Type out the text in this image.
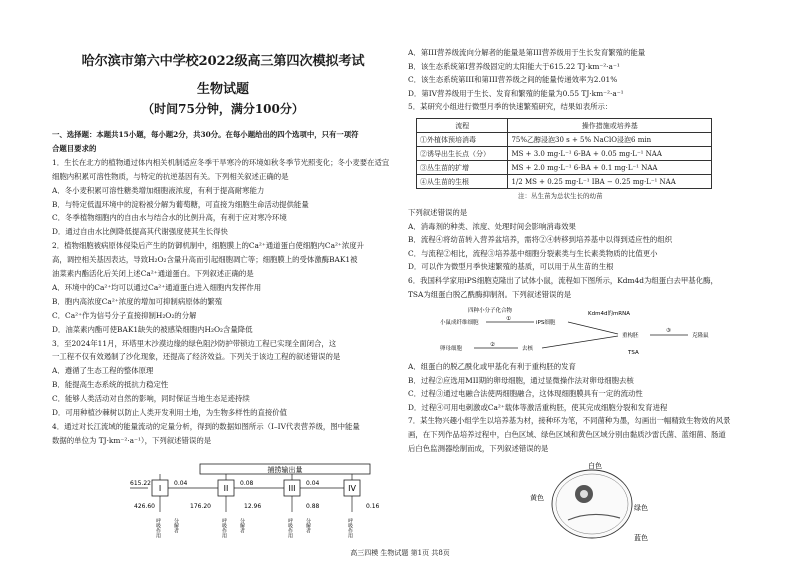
哈尔滨市第六中学校2022级高三第四次模拟考试
生物试题
（时间75分钟，满分100分）
一、选择题：本题共15小题，每小题2分，共30分。在每小题给出的四个选项中，只有一项符
合题目要求的
1．生长在北方的植物通过体内相关机制适应冬季干旱寒冷的环境如秋冬季节光照变化；冬小麦要在适宜
细胞内积累可溶性物质，与特定的抗逆基因有关。下列相关叙述正确的是
A．冬小麦积累可溶性糖类增加细胞液浓度，有利于提高耐寒能力
B．与特定低温环境中的淀粉被分解为葡萄糖，可直接为细胞生命活动提供能量
C．冬季植物细胞内的自由水与结合水的比例升高，有利于应对寒冷环境
D．通过自由水比例降低提高其代谢强度使其生长得快
2．植物细胞被病原体侵染后产生的防御机制中，细胞膜上的Ca²⁺通道蛋白使细胞内Ca²⁺浓度升
高，调控相关基因表达，导致H₂O₂含量升高而引起细胞凋亡等；细胞膜上的受体激酶BAK1被
油菜素内酯活化后关闭上述Ca²⁺通道蛋白。下列叙述正确的是
A．环境中的Ca²⁺均可以通过Ca²⁺通道蛋白进入细胞内发挥作用
B．胞内高浓度Ca²⁺浓度的增加可抑制病原体的繁殖
C．Ca²⁺作为信号分子直接抑制H₂O₂的分解
D．油菜素内酯可使BAK1缺失的被感染细胞内H₂O₂含量降低
3．至2024年11月，环塔里木沙漠边缘的绿色阻沙防护带锁边工程已实现全面闭合，这
一工程不仅有效遏制了沙化现象，还提高了经济效益。下列关于该边工程的叙述错误的是
A．遵循了生态工程的整体原理
B．能提高生态系统的抵抗力稳定性
C．能够人类活动对自然的影响，同时保证当地生态足迹持续
D．可用种植沙棘树以防止人类开发利用土地，为生物多样性的直接价值
4．通过对长江流域的能量流动的定量分析，得到的数据如图所示（I–IV代表营养级，图中能量
数据的单位为 TJ·km⁻²·a⁻¹），下列叙述错误的是
捕捞输出量
I	II	III	IV
615.22	0.04	0.08	0.04
426.60	176.20	12.96	0.88	0.16
呼吸作用 分解者	呼吸作用 分解者	呼吸作用 分解者	呼吸作用
A．第III营养级流向分解者的能量是第III营养级用于生长发育繁殖的能量
B．该生态系统第I营养级固定的太阳能大于615.22 TJ·km⁻²·a⁻¹
C．该生态系统第III和第III营养级之间的能量传递效率为2.01%
D．第IV营养级用于生长、发育和繁殖的能量为0.55 TJ·km⁻²·a⁻¹
5．某研究小组进行微型月季的快速繁殖研究，结果如表所示：
流程	操作措施或培养基
①外植体预培消毒	75%乙醇浸泡30 s + 5% NaClO浸泡6 min
②诱导出生长点（分）	MS + 3.0 mg·L⁻¹ 6-BA + 0.05 mg·L⁻¹ NAA
③丛生苗的扩增	MS + 2.0 mg·L⁻¹ 6-BA + 0.1 mg·L⁻¹ NAA
④从生苗的生根	1/2 MS + 0.25 mg·L⁻¹ IBA − 0.25 mg·L⁻¹ NAA
注：丛生苗为总状生长的幼苗
下列叙述错误的是
A．消毒剂的种类、浓度、处理时间会影响消毒效果
B．流程④将幼苗转入营养盆培养，需将②④转移到培养基中以得到适应性的组织
C．与流程②相比，流程③培养基中细胞分裂素类与生长素类物质的比值更小
D．可以作为微型月季快速繁殖的基质，可以用于从生苗的生根
6．我国科学家用iPS细胞克隆出了试体小鼠，流程如下图所示，Kdm4d为组蛋白去甲基化酶，
TSA为组蛋白脱乙酰酶抑制剂。下列叙述错误的是
四种小分子化合物
小鼠成纤维细胞
①
iPS细胞
卵母细胞
②
去核
Kdm4d的mRNA
重构胚
TSA
③
克隆鼠
A．组蛋白的脱乙酰化或甲基化有利于重构胚的发育
B．过程②应选用MII期的卵母细胞，通过显微操作法对卵母细胞去核
C．过程③通过电融合法使两细胞融合，这体现细胞膜具有一定的流动性
D．过程④可用电刺激或Ca²⁺载体等激活重构胚，使其完成细胞分裂和发育进程
7．某生物兴趣小组学生以培养基为材，接种环为笔，不同菌种为墨，勾画出一幅精致生物效的风景
画，在下列作品培养过程中，白色区域、绿色区域和黄色区域分别由黏质沙雷氏菌、蓝细菌、肠道
后白色监测器绘制而成，下列叙述错误的是
白色
黄色
绿色
蓝色
高三四模 生物试题 第1页 共8页
